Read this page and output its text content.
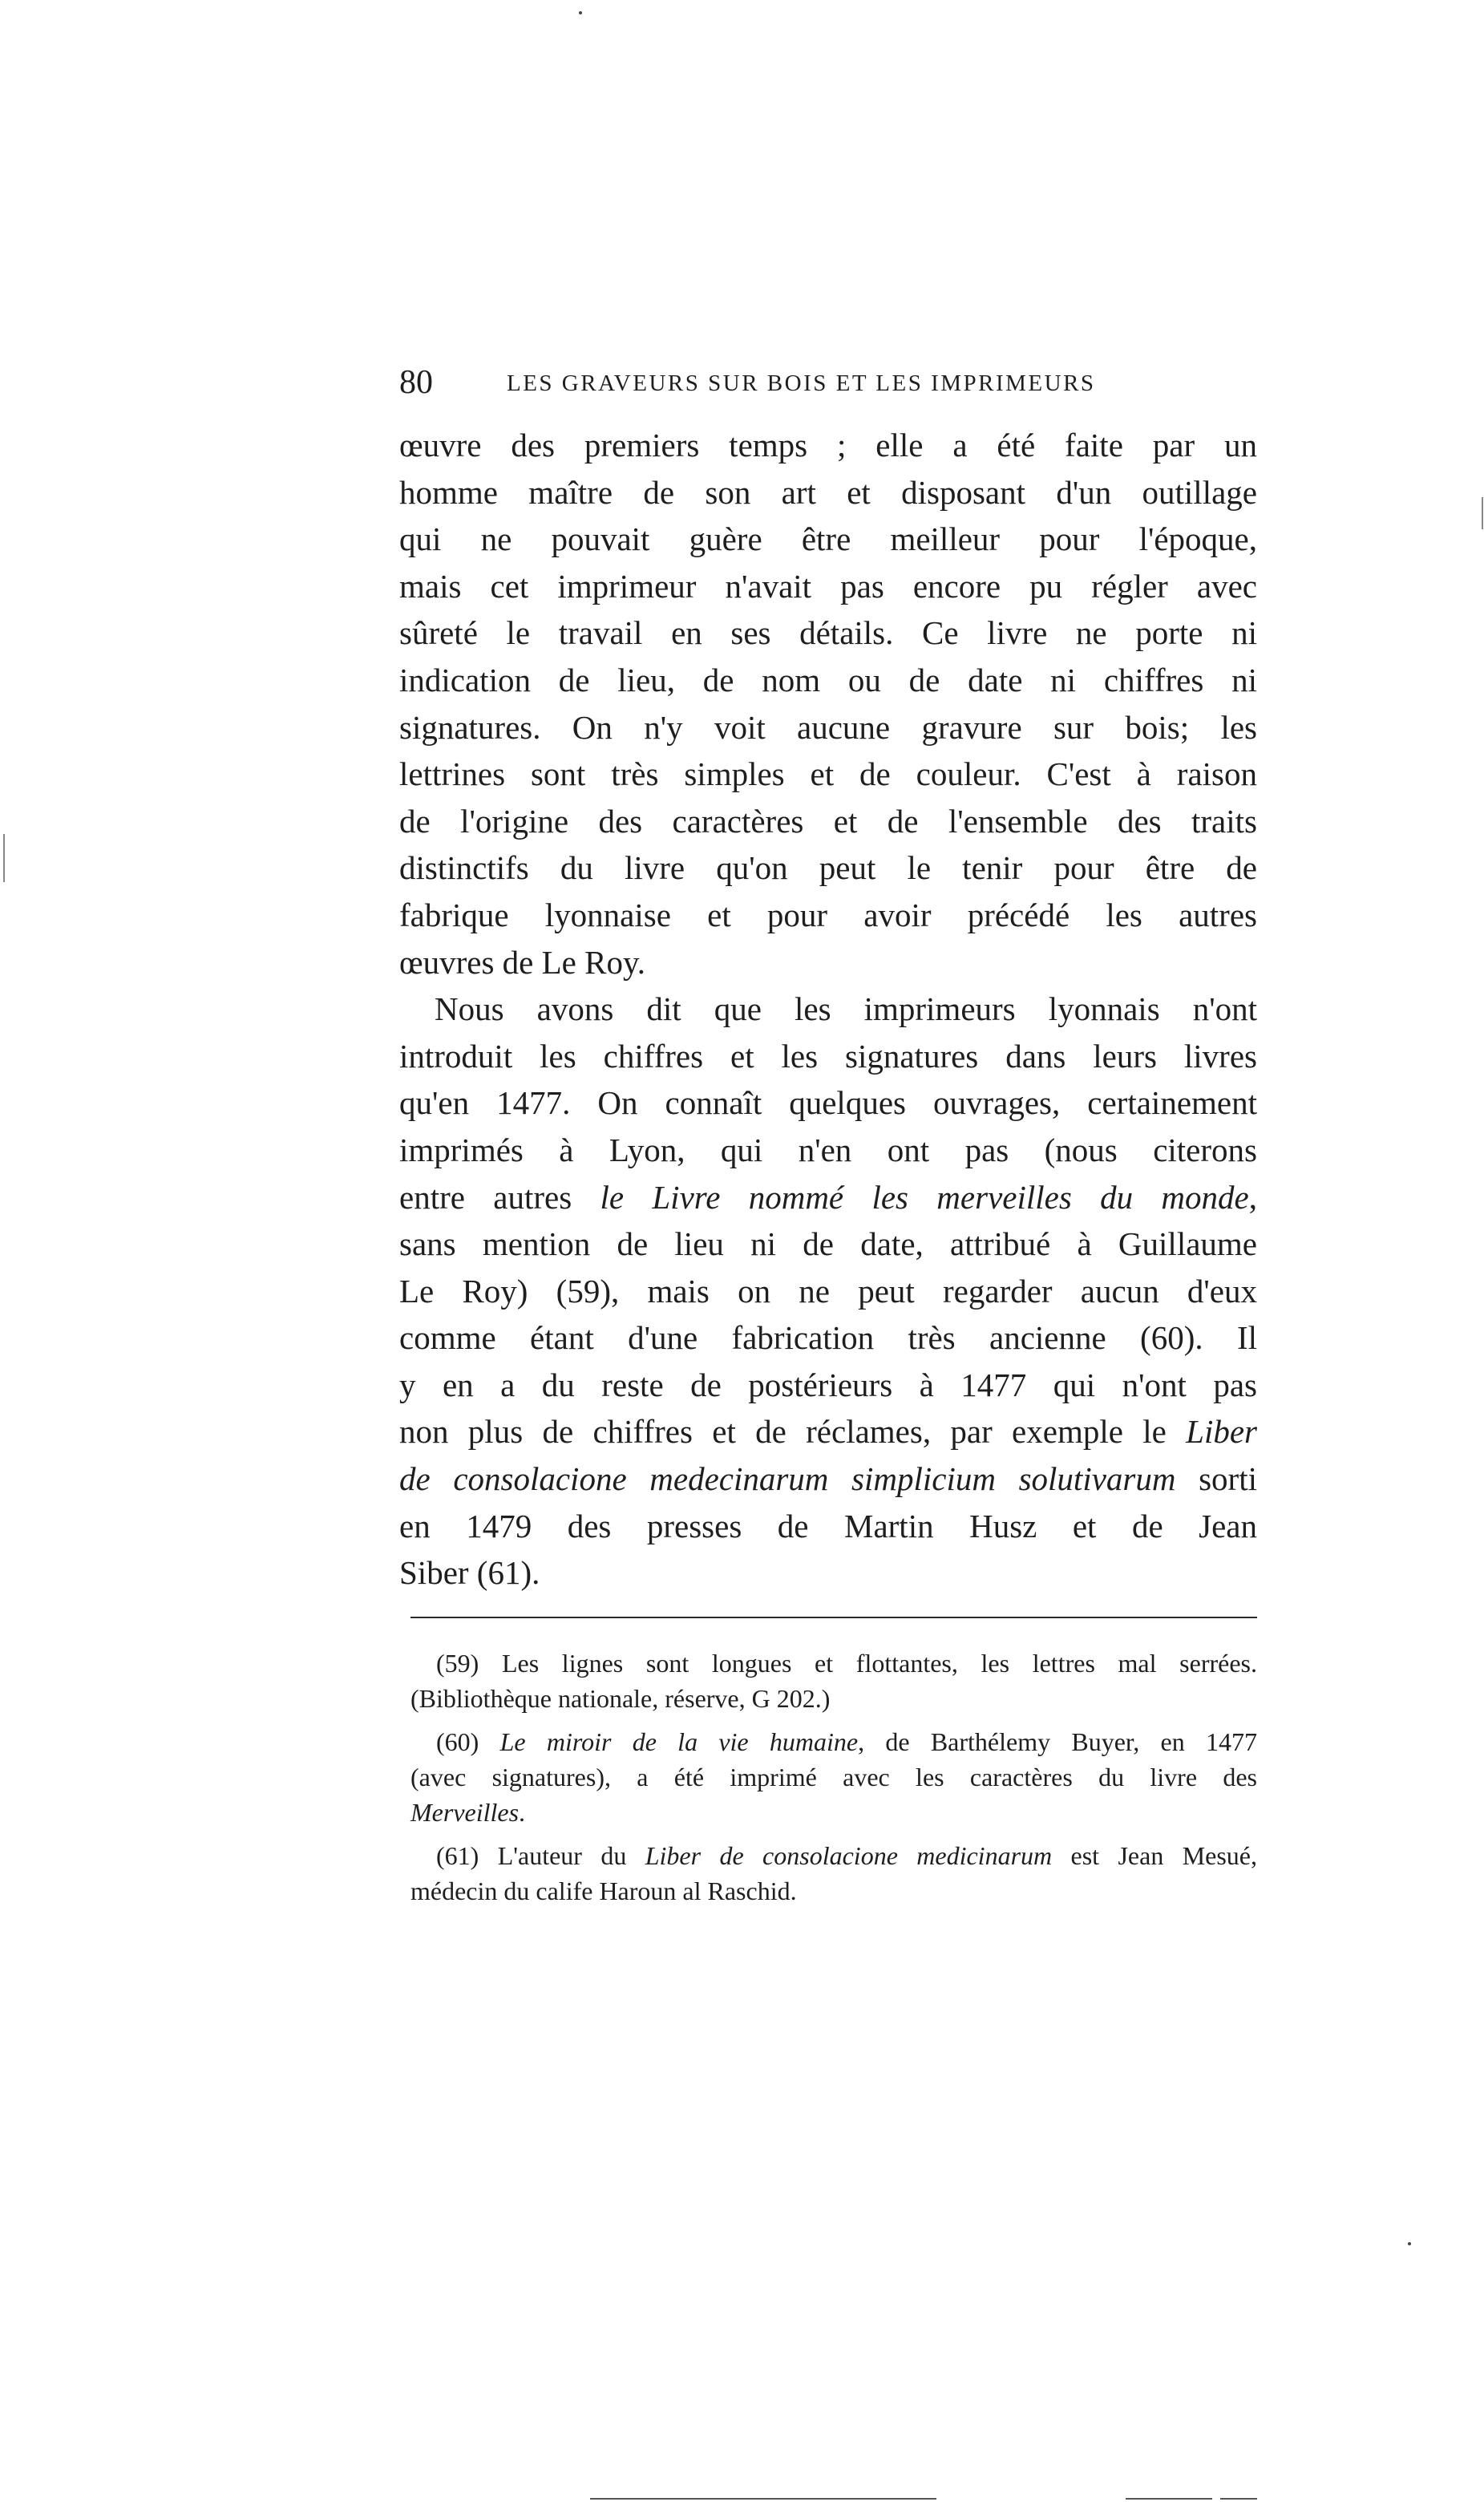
80	LES GRAVEURS SUR BOIS ET LES IMPRIMEURS
œuvre des premiers temps ; elle a été faite par un
homme maître de son art et disposant d'un outillage
qui ne pouvait guère être meilleur pour l'époque,
mais cet imprimeur n'avait pas encore pu régler avec
sûreté le travail en ses détails. Ce livre ne porte ni
indication de lieu, de nom ou de date ni chiffres ni
signatures. On n'y voit aucune gravure sur bois; les
lettrines sont très simples et de couleur. C'est à raison
de l'origine des caractères et de l'ensemble des traits
distinctifs du livre qu'on peut le tenir pour être de
fabrique lyonnaise et pour avoir précédé les autres
œuvres de Le Roy.
Nous avons dit que les imprimeurs lyonnais n'ont
introduit les chiffres et les signatures dans leurs livres
qu'en 1477. On connaît quelques ouvrages, certainement
imprimés à Lyon, qui n'en ont pas (nous citerons
entre autres le Livre nommé les merveilles du monde,
sans mention de lieu ni de date, attribué à Guillaume
Le Roy) (59), mais on ne peut regarder aucun d'eux
comme étant d'une fabrication très ancienne (60). Il
y en a du reste de postérieurs à 1477 qui n'ont pas
non plus de chiffres et de réclames, par exemple le Liber
de consolacione medecinarum simplicium solutivarum sorti
en 1479 des presses de Martin Husz et de Jean
Siber (61).
(59) Les lignes sont longues et flottantes, les lettres mal serrées.
(Bibliothèque nationale, réserve, G 202.)
(60) Le miroir de la vie humaine, de Barthélemy Buyer, en 1477
(avec signatures), a été imprimé avec les caractères du livre des
Merveilles.
(61) L'auteur du Liber de consolacione medicinarum est Jean Mesué,
médecin du calife Haroun al Raschid.
